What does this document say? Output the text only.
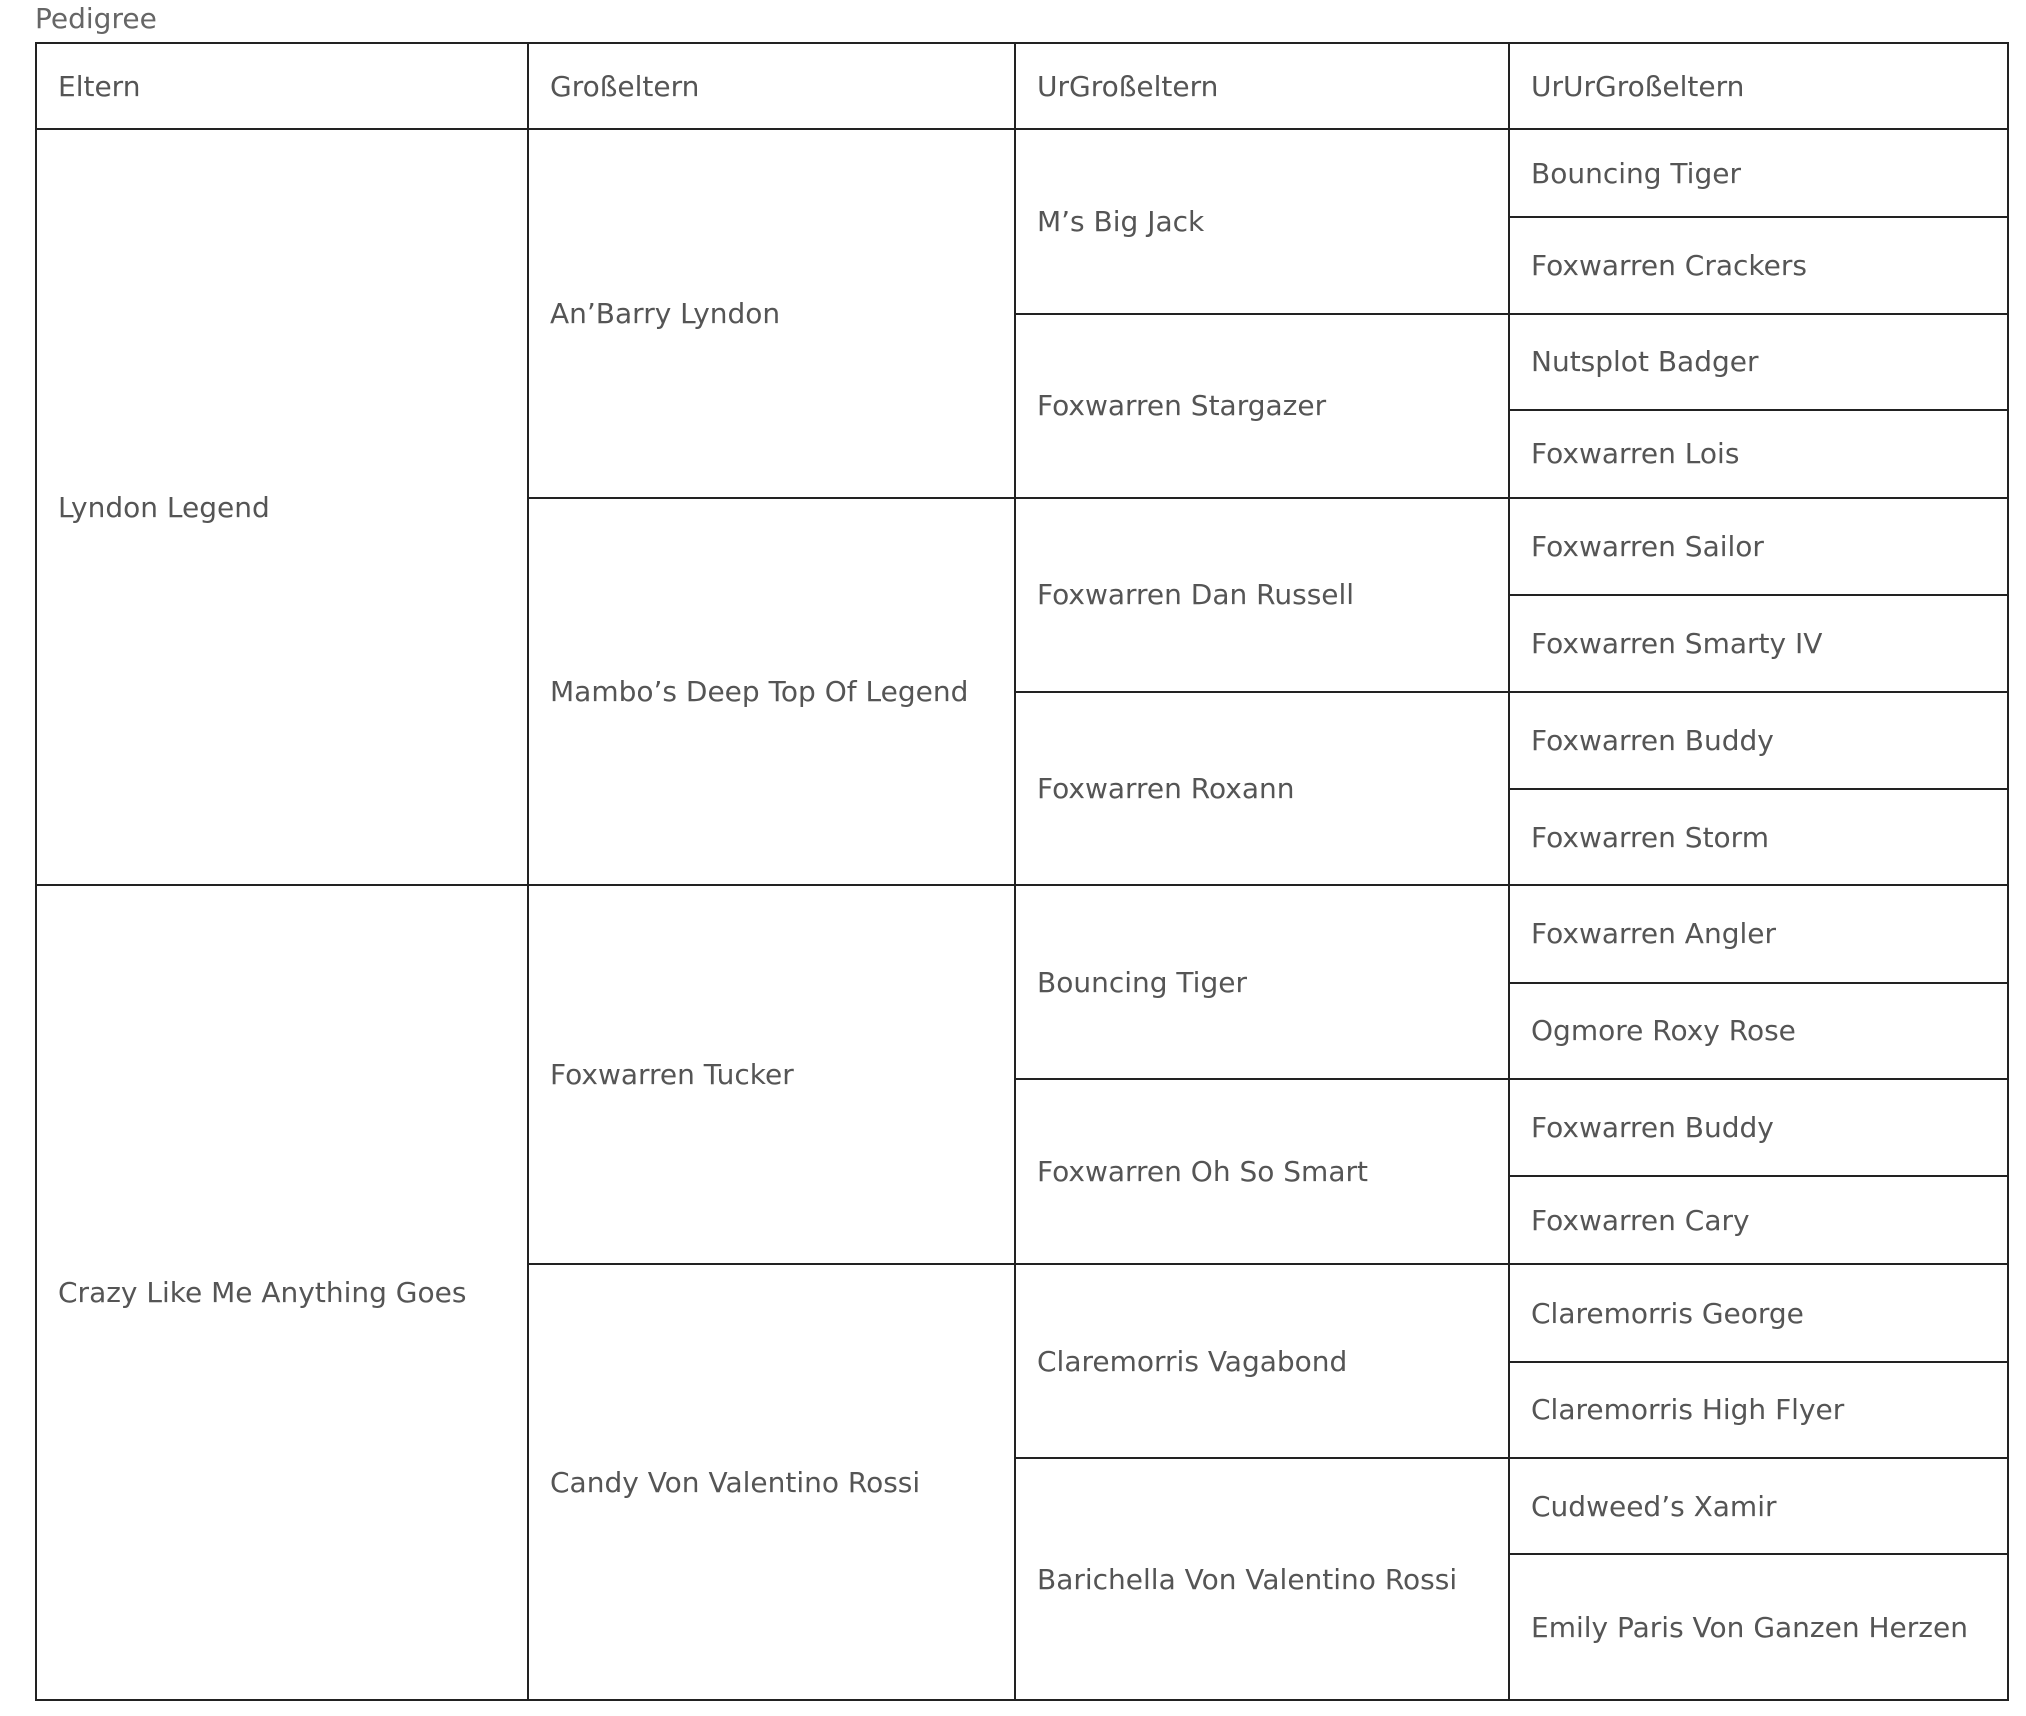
Pedigree
Eltern	Großeltern	UrGroßeltern	UrUrGroßeltern
Lyndon Legend	An’Barry Lyndon	M’s Big Jack	Bouncing Tiger
			Foxwarren Crackers
		Foxwarren Stargazer	Nutsplot Badger
			Foxwarren Lois
	Mambo’s Deep Top Of Legend	Foxwarren Dan Russell	Foxwarren Sailor
			Foxwarren Smarty IV
		Foxwarren Roxann	Foxwarren Buddy
			Foxwarren Storm
Crazy Like Me Anything Goes	Foxwarren Tucker	Bouncing Tiger	Foxwarren Angler
			Ogmore Roxy Rose
		Foxwarren Oh So Smart	Foxwarren Buddy
			Foxwarren Cary
	Candy Von Valentino Rossi	Claremorris Vagabond	Claremorris George
			Claremorris High Flyer
		Barichella Von Valentino Rossi	Cudweed’s Xamir
			Emily Paris Von Ganzen Herzen
